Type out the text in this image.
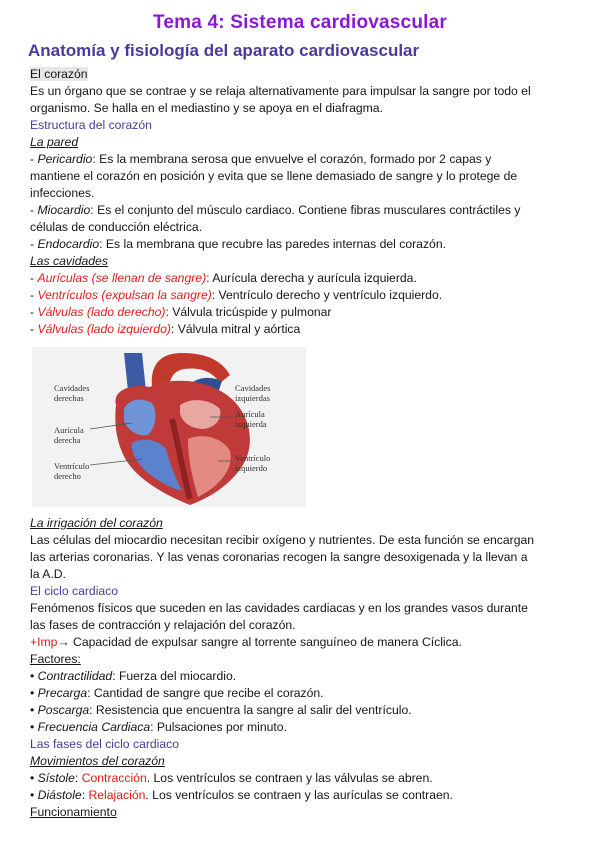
Tema 4: Sistema cardiovascular
Anatomía y fisiología del aparato cardiovascular
El corazón
Es un órgano que se contrae y se relaja alternativamente para impulsar la sangre por todo el
organismo. Se halla en el mediastino y se apoya en el diafragma.
Estructura del corazón
La pared
- Pericardio: Es la membrana serosa que envuelve el corazón, formado por 2 capas y
mantiene el corazón en posición y evita que se llene demasiado de sangre y lo protege de
infecciones.
- Miocardio: Es el conjunto del músculo cardiaco. Contiene fibras musculares contráctiles y
células de conducción eléctrica.
- Endocardio: Es la membrana que recubre las paredes internas del corazón.
Las cavidades
- Aurículas (se llenan de sangre): Aurícula derecha y aurícula izquierda.
- Ventrículos (expulsan la sangre): Ventrículo derecho y ventrículo izquierdo.
- Válvulas (lado derecho): Válvula tricúspide y pulmonar
- Válvulas (lado izquierdo): Válvula mitral y aórtica
Cavidades
derechas
Aurícula
derecha
Ventrículo
derecho
Cavidades
izquierdas
Aurícula
izquierda
Ventrículo
izquierdo
La irrigación del corazón
Las células del miocardio necesitan recibir oxígeno y nutrientes. De esta función se encargan
las arterias coronarias. Y las venas coronarias recogen la sangre desoxigenada y la llevan a
la A.D.
El ciclo cardiaco
Fenómenos físicos que suceden en las cavidades cardiacas y en los grandes vasos durante
las fases de contracción y relajación del corazón.
+Imp→ Capacidad de expulsar sangre al torrente sanguíneo de manera Cíclica.
Factores:
• Contractilidad: Fuerza del miocardio.
• Precarga: Cantidad de sangre que recibe el corazón.
• Poscarga: Resistencia que encuentra la sangre al salir del ventrículo.
• Frecuencia Cardiaca: Pulsaciones por minuto.
Las fases del ciclo cardiaco
Movimientos del corazón
• Sístole: Contracción. Los ventrículos se contraen y las válvulas se abren.
• Diástole: Relajación. Los ventrículos se contraen y las aurículas se contraen.
Funcionamiento
